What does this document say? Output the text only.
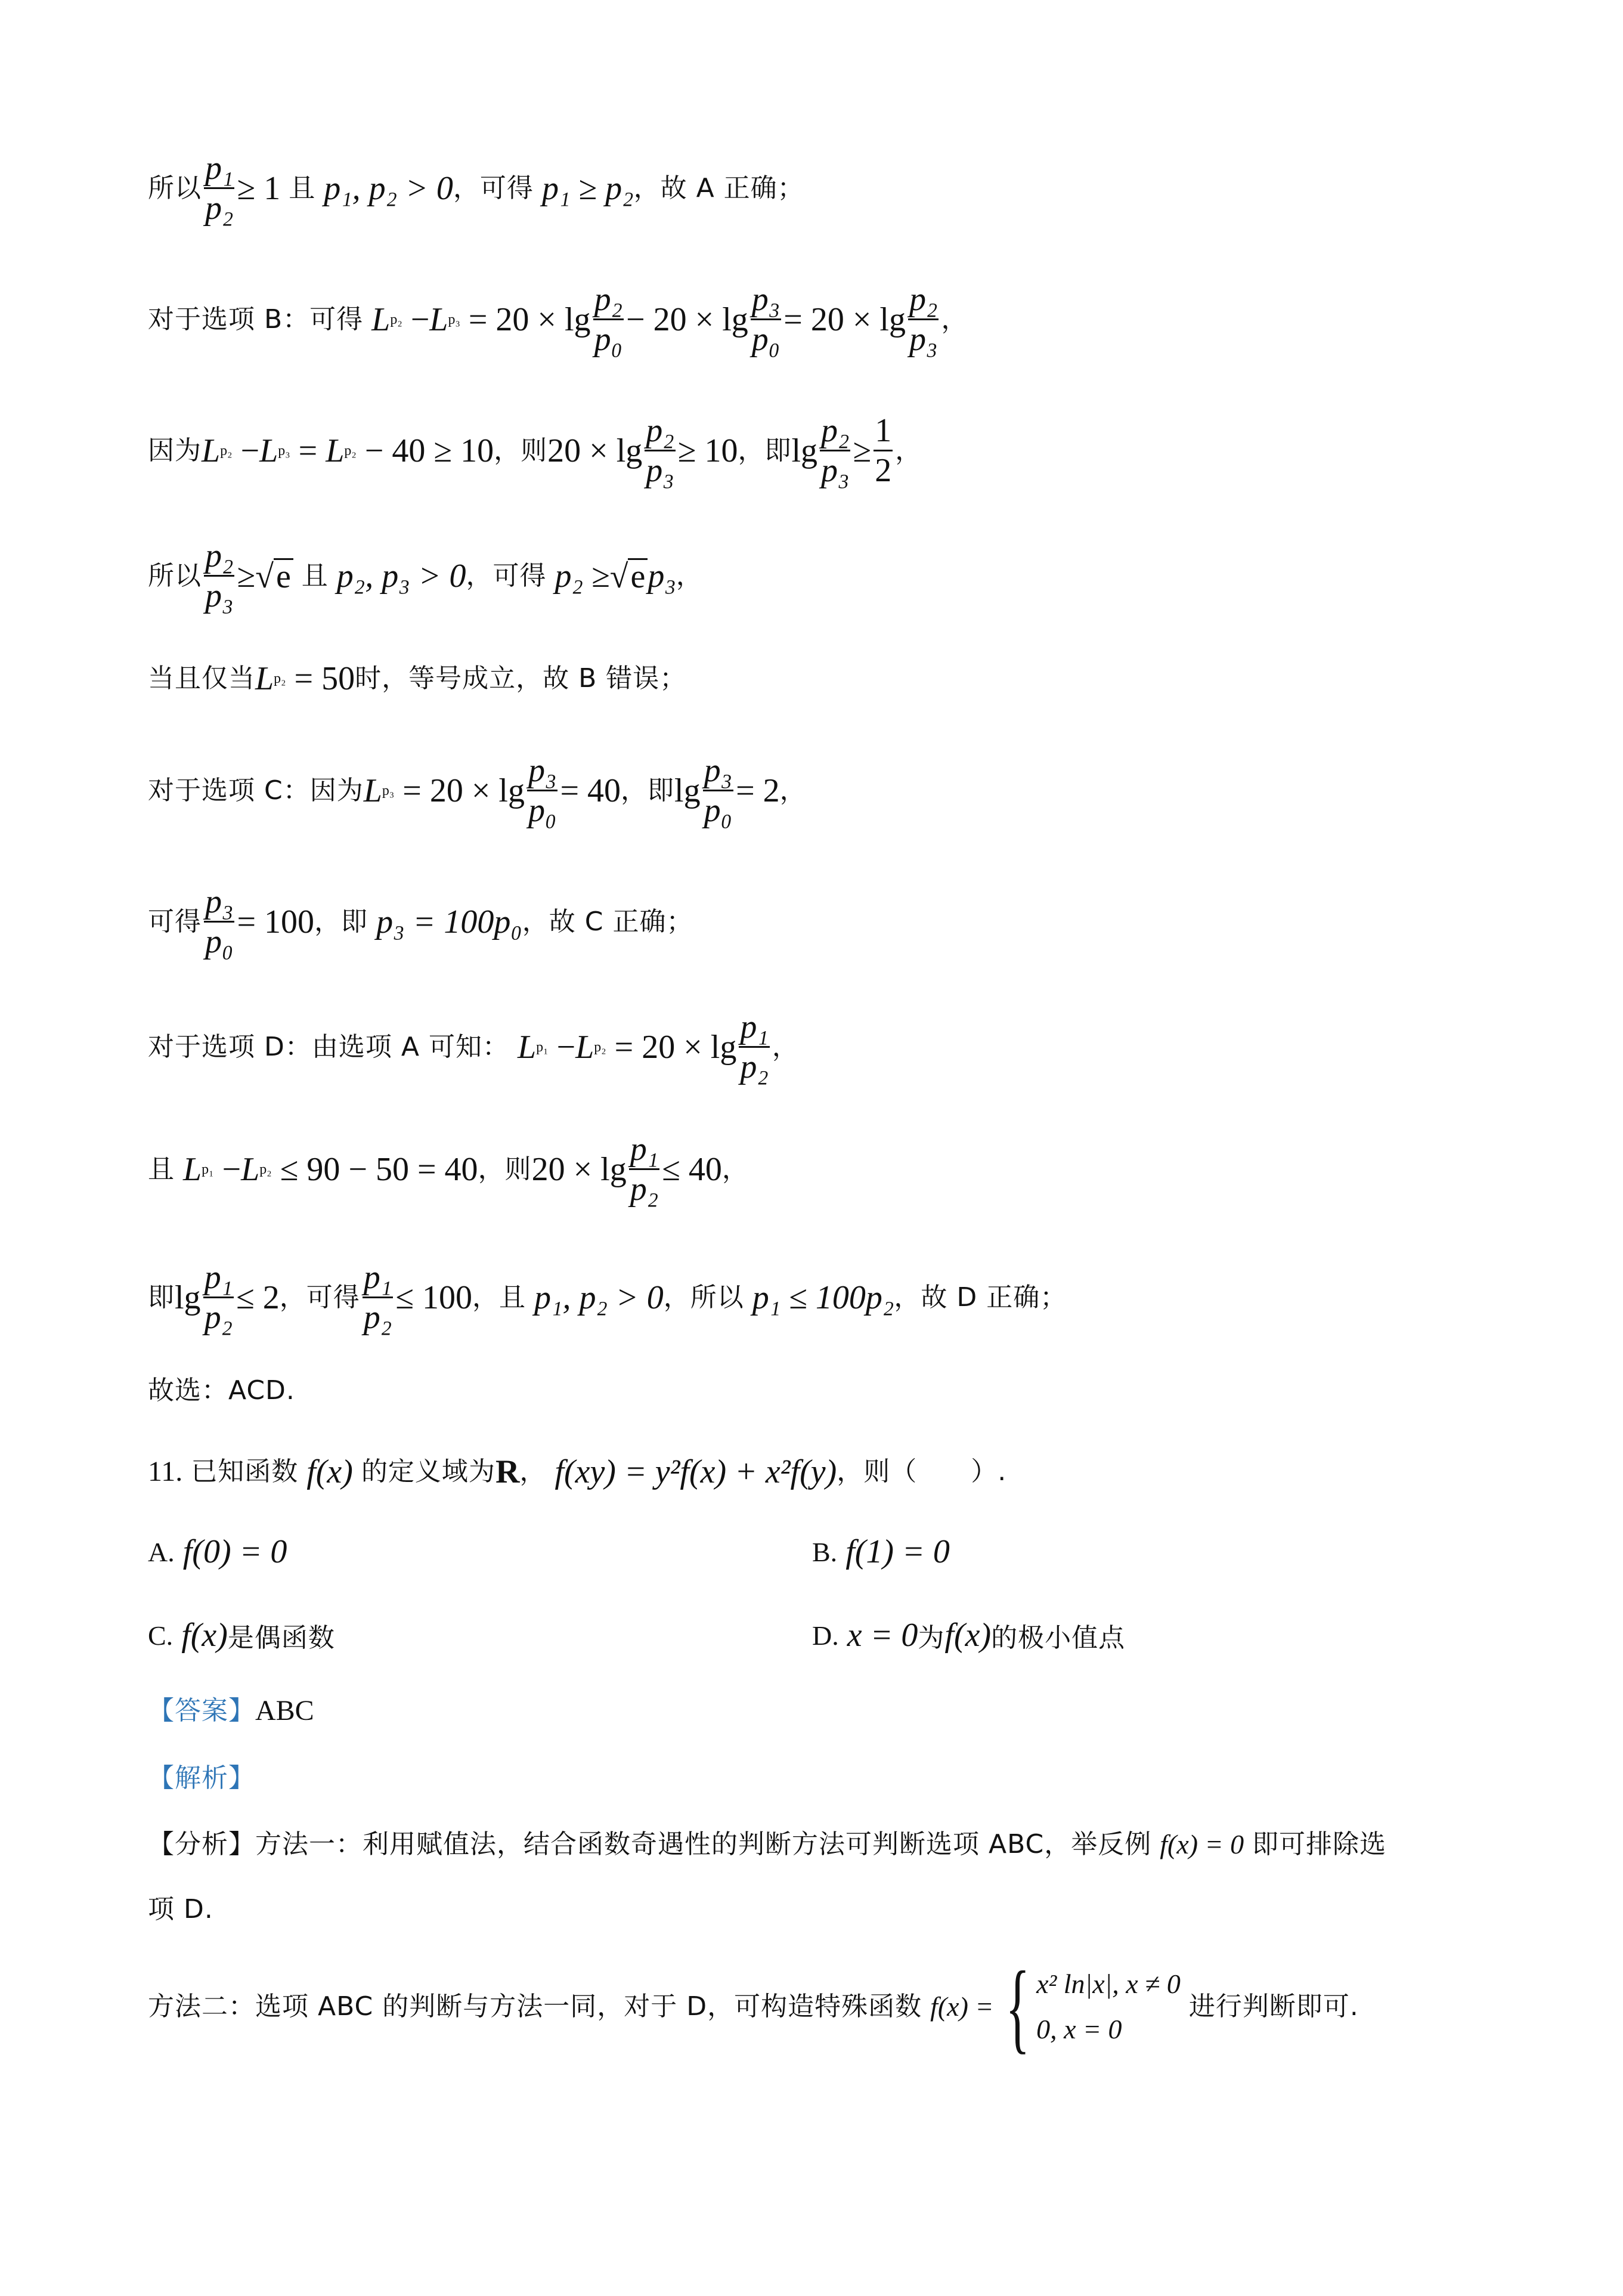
所以 $\frac{\text{p₁}}{\text{p₂}} \ge 1$ 且 p₁, p₂ > 0 ，可得 p₁ ≥ p₂ ，故 A 正确；
对于选项 B：可得 L p₂ − L $p_3 = 20 \times \lg \frac{\text{p₂}}{\text{p₀}} - 20 \times \lg \frac{\text{p₃}}{\text{p₀}} = 20 \times \lg \frac{\text{p₂}}{\text{p₃}}$ ，
因为 L p₂ − L p₃ = L p₂ − 40 ≥ 10 ，则 $20 \times \lg \frac{\text{p₂}}{\text{p₃}} \ge 10$ ，即 $\lg \frac{\text{p₂}}{\text{p₃}} \ge \frac{1}{2}$ ，
所以 $\frac{\text{p₂}}{\text{p₃}}$ ≥ √ e 且 p₂, p₃ > 0 ，可得 p₂ ≥ √ e p₃ ，
当且仅当 L p₂ = 50 时，等号成立，故 B 错误；
对于选项 C：因为 L $p_3 = 20 \times \lg \frac{\text{p₃}}{\text{p₀}} = 40$ ，即 $\lg \frac{\text{p₃}}{\text{p₀}} = 2$ ，
可得 $\frac{\text{p₃}}{\text{p₀}} = 100$ ，即 p₃ = 100p₀ ，故 C 正确；
对于选项 D：由选项 A 可知： L p₁ − L $p_2 = 20 \times \lg \frac{\text{p₁}}{\text{p₂}}$ ，
且 L p₁ − L p₂ ≤ 90 − 50 = 40 ，则 $20 \times \lg \frac{\text{p₁}}{\text{p₂}} \le 40$ ，
即 $\lg \frac{\text{p₁}}{\text{p₂}} \le 2$ ，可得 $\frac{\text{p₁}}{\text{p₂}} \le 100$ ，且 p₁, p₂ > 0 ，所以 p₁ ≤ 100p₂ ，故 D 正确；
故选：ACD.
11. 已知函数 f(x) 的定义域为 R ， f(xy) = y²f(x) + x²f(y) ，则（　　）.
A. f(0) = 0	B. f(1) = 0
C. f(x) 是偶函数	D. x = 0 为 f(x) 的极小值点
【答案】 ABC
【解析】
【分析】 方法一：利用赋值法，结合函数奇遇性的判断方法可判断选项 ABC，举反例 f(x) = 0 即可排除选
项 D.
方法二：选项 ABC 的判断与方法一同，对于 D，可构造特殊函数 f(x) = { x² ln|x|, x ≠ 0
0, x = 0
进行判断即可.
